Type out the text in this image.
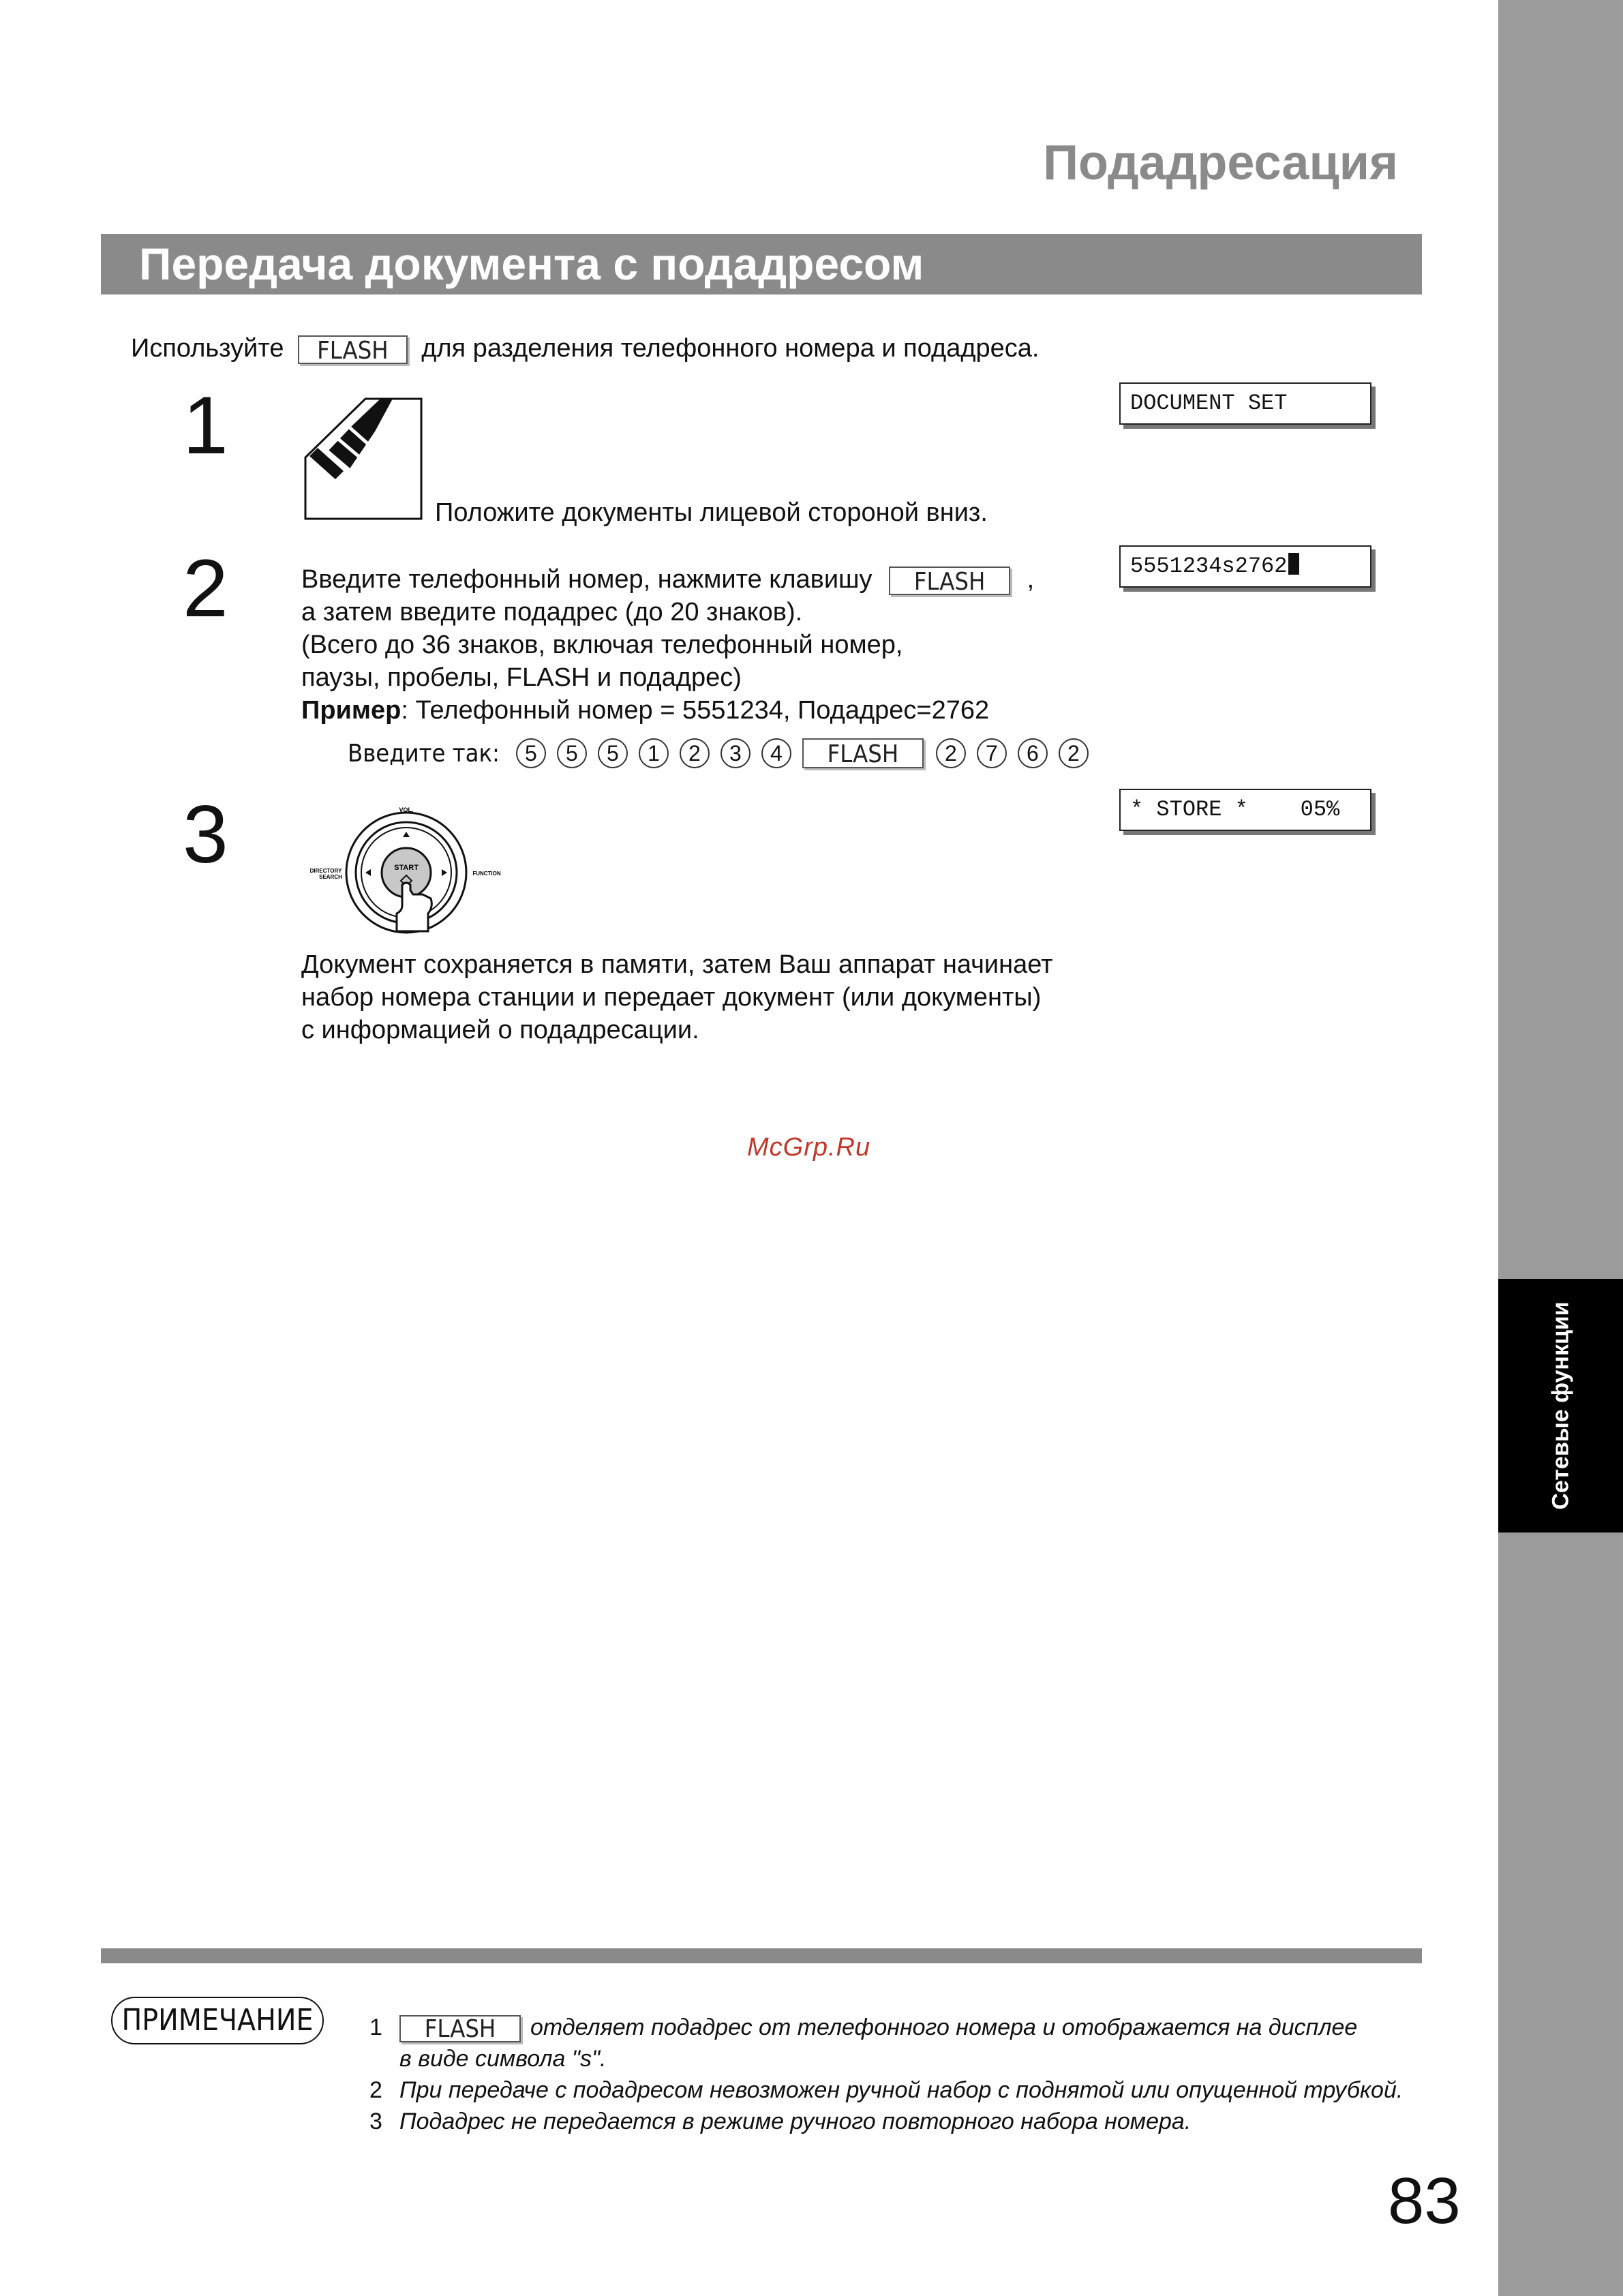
Сетевые функции
Подадресация
Передача документа с подадресом
Используйте FLASH для разделения телефонного номера и подадреса.
1
Положите документы лицевой стороной вниз.
DOCUMENT SET
2	Введите телефонный номер, нажмите клавишу FLASH ,
а затем введите подадрес (до 20 знаков).
(Всего до 36 знаков, включая телефонный номер,
паузы, пробелы, FLASH и подадрес)
Пример: Телефонный номер = 5551234, Подадрес=2762
5551234s2762
Введите так:	5	5	5	1	2	3	4	FLASH	2	7	6	2
3	START
VOL.
DIRECTORY
SEARCH
FUNCTION
* STORE *    05%
Документ сохраняется в памяти, затем Ваш аппарат начинает
набор номера станции и передает документ (или документы)
с информацией о подадресации.
McGrp.Ru
ПРИМЕЧАНИЕ	1 FLASH отделяет подадрес от телефонного номера и отображается на дисплее
в виде символа "s".
2 При передаче с подадресом невозможен ручной набор с поднятой или опущенной трубкой.
3 Подадрес не передается в режиме ручного повторного набора номера.
83
